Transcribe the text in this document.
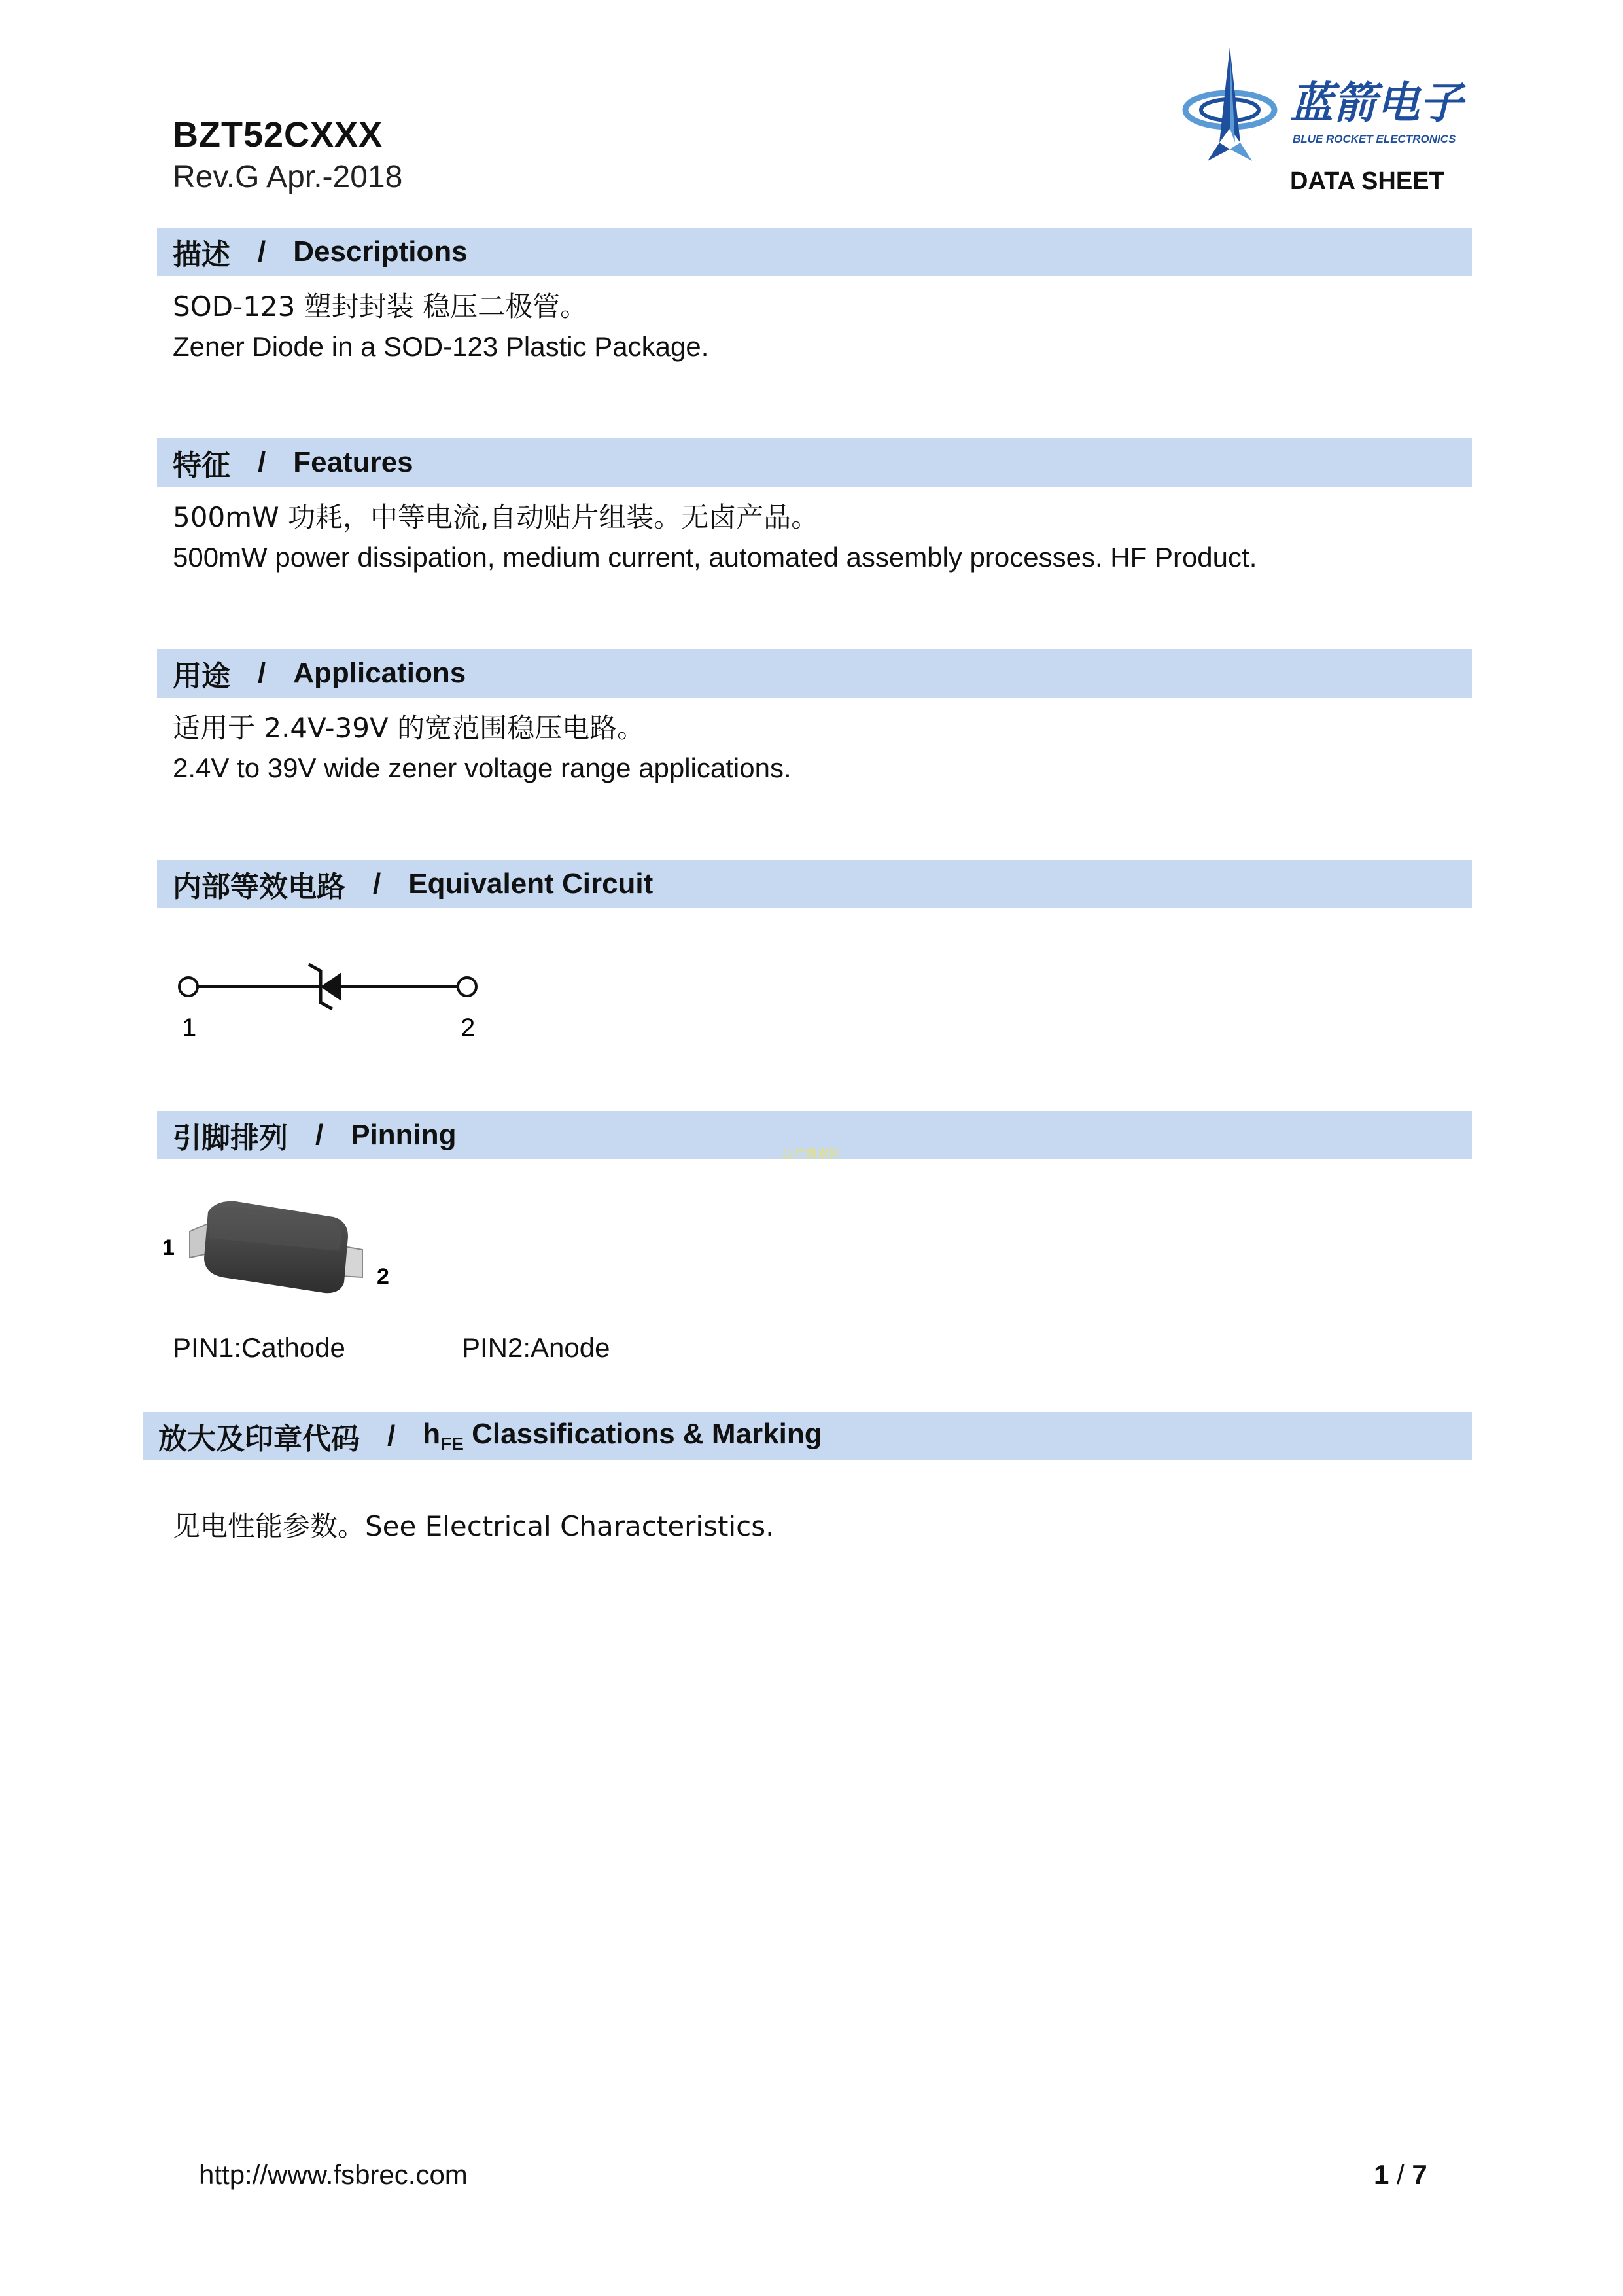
BZT52CXXX
Rev.G Apr.-2018
蓝箭电子
BLUE ROCKET ELECTRONICS
DATA SHEET
描述 / Descriptions
SOD-123 塑封封装 稳压二极管。
Zener Diode in a SOD-123 Plastic Package.
特征 / Features
500mW 功耗，中等电流,自动贴片组装。无卤产品。
500mW power dissipation, medium current, automated assembly processes. HF Product.
用途 / Applications
适用于 2.4V-39V 的宽范围稳压电路。
2.4V to 39V wide zener voltage range applications.
内部等效电路 / Equivalent Circuit
1	2
引脚排列 / Pinning
芯片搜索网
1
2
PIN1:Cathode	PIN2:Anode
放大及印章代码 / $h_{FE}$ Classifications & Marking
见电性能参数。See Electrical Characteristics.
http://www.fsbrec.com	1 / 7
